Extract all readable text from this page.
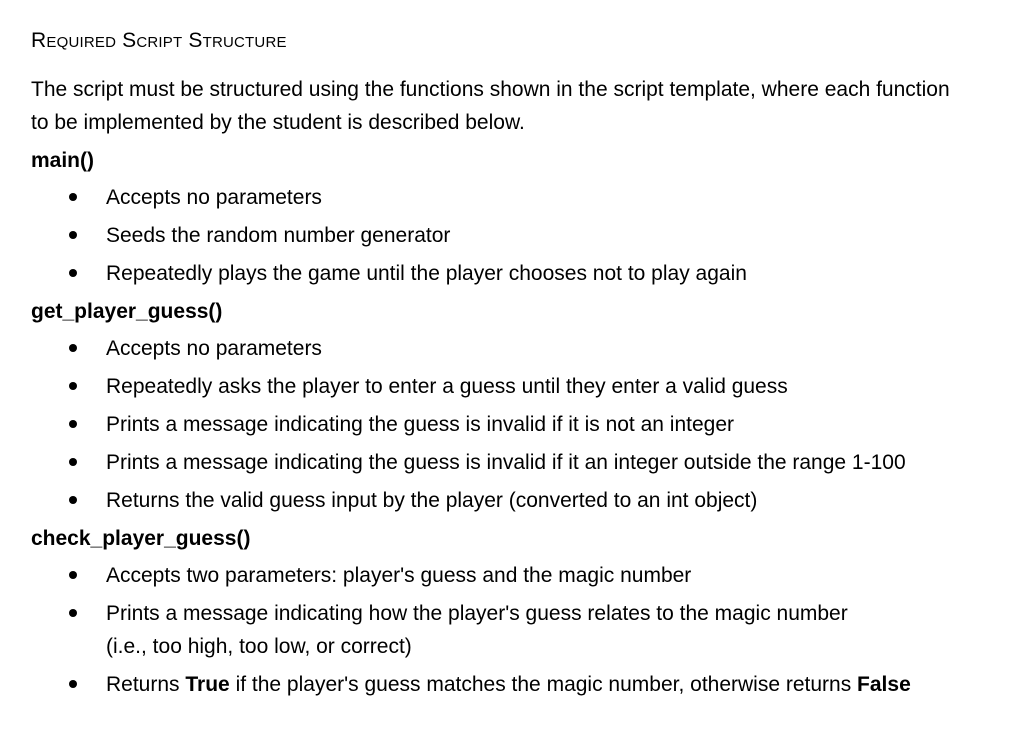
Required Script Structure
The script must be structured using the functions shown in the script template, where each function to be implemented by the student is described below.
main()
Accepts no parameters
Seeds the random number generator
Repeatedly plays the game until the player chooses not to play again
get_player_guess()
Accepts no parameters
Repeatedly asks the player to enter a guess until they enter a valid guess
Prints a message indicating the guess is invalid if it is not an integer
Prints a message indicating the guess is invalid if it an integer outside the range 1-100
Returns the valid guess input by the player (converted to an int object)
check_player_guess()
Accepts two parameters: player's guess and the magic number
Prints a message indicating how the player's guess relates to the magic number
(i.e., too high, too low, or correct)
Returns True if the player's guess matches the magic number, otherwise returns False
